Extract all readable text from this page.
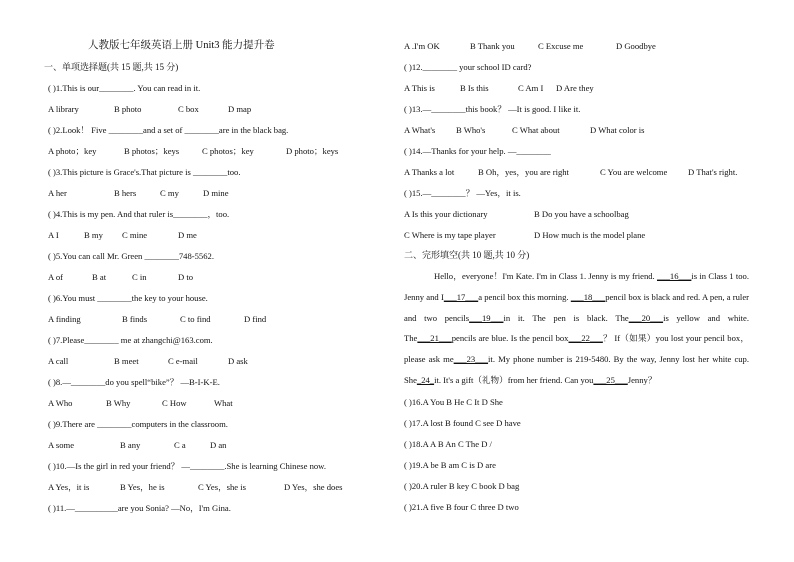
人教版七年级英语上册 Unit3 能力提升卷
一、单项选择题(共 15 题,共 15 分)
( )1.This is our________. You can read in it.
A library	B photo	C box	D map
( )2.Look！ Five ________and a set of ________are in the black bag.
A photo；key	B photos；keys	C photos；key	D photo；keys
( )3.This picture is Grace's.That picture is ________too.
A her	B hers	C my	D mine
( )4.This is my pen. And that ruler is________，too.
A I	B my C mine	D me
( )5.You can call Mr. Green ________748-5562.
A of	B at	C in	D to
( )6.You must ________the key to your house.
A finding	B finds	C to find	D find
( )7.Please________ me at zhangchi@163.com.
A call	B meet	C e-mail	D ask
( )8.—________do you spell“bike”？ —B-I-K-E.
A Who	B Why	C How	What
( )9.There are ________computers in the classroom.
A some	B any	C a	D an
( )10.—Is the girl in red your friend？ —________.She is learning Chinese now.
A Yes，it is	B Yes，he is	C Yes，she is	D Yes，she does
( )11.—__________are you Sonia? —No，I'm Gina.
A .I'm OK	B Thank you	C Excuse me	D Goodbye
( )12.________ your school ID card?
A This is	B Is this	C Am I D Are they
( )13.—________this book？ —It is good. I like it.
A What's B Who's	C What about	D What color is
( )14.—Thanks for your help. —________
A Thanks a lot	B Oh，yes，you are right	C You are welcome D That's right.
( )15.—________？ —Yes，it is.
A Is this your dictionary	B Do you have a schoolbag
C Where is my tape player	D How much is the model plane
二、完形填空(共 10 题,共 10 分)
Hello，everyone！I'm Kate. I'm in Class 1. Jenny is my friend. ___16___is in Class 1 too. Jenny and I___17___a pencil box this morning. ___18___pencil box is black and red. A pen, a ruler and two pencils___19___in it. The pen is black. The___20___is yellow and white. The___21___pencils are blue. Is the pencil box___22___？ If（如果）you lost your pencil box，please ask me___23___it. My phone number is 219-5480. By the way, Jenny lost her white cup. She_24_it. It's a gift（礼物）from her friend. Can you___25___Jenny？
( )16.A You B He C It D She
( )17.A lost B found C see D have
( )18.A A B An C The D /
( )19.A be B am C is D are
( )20.A ruler B key C book D bag
( )21.A five B four C three D two
